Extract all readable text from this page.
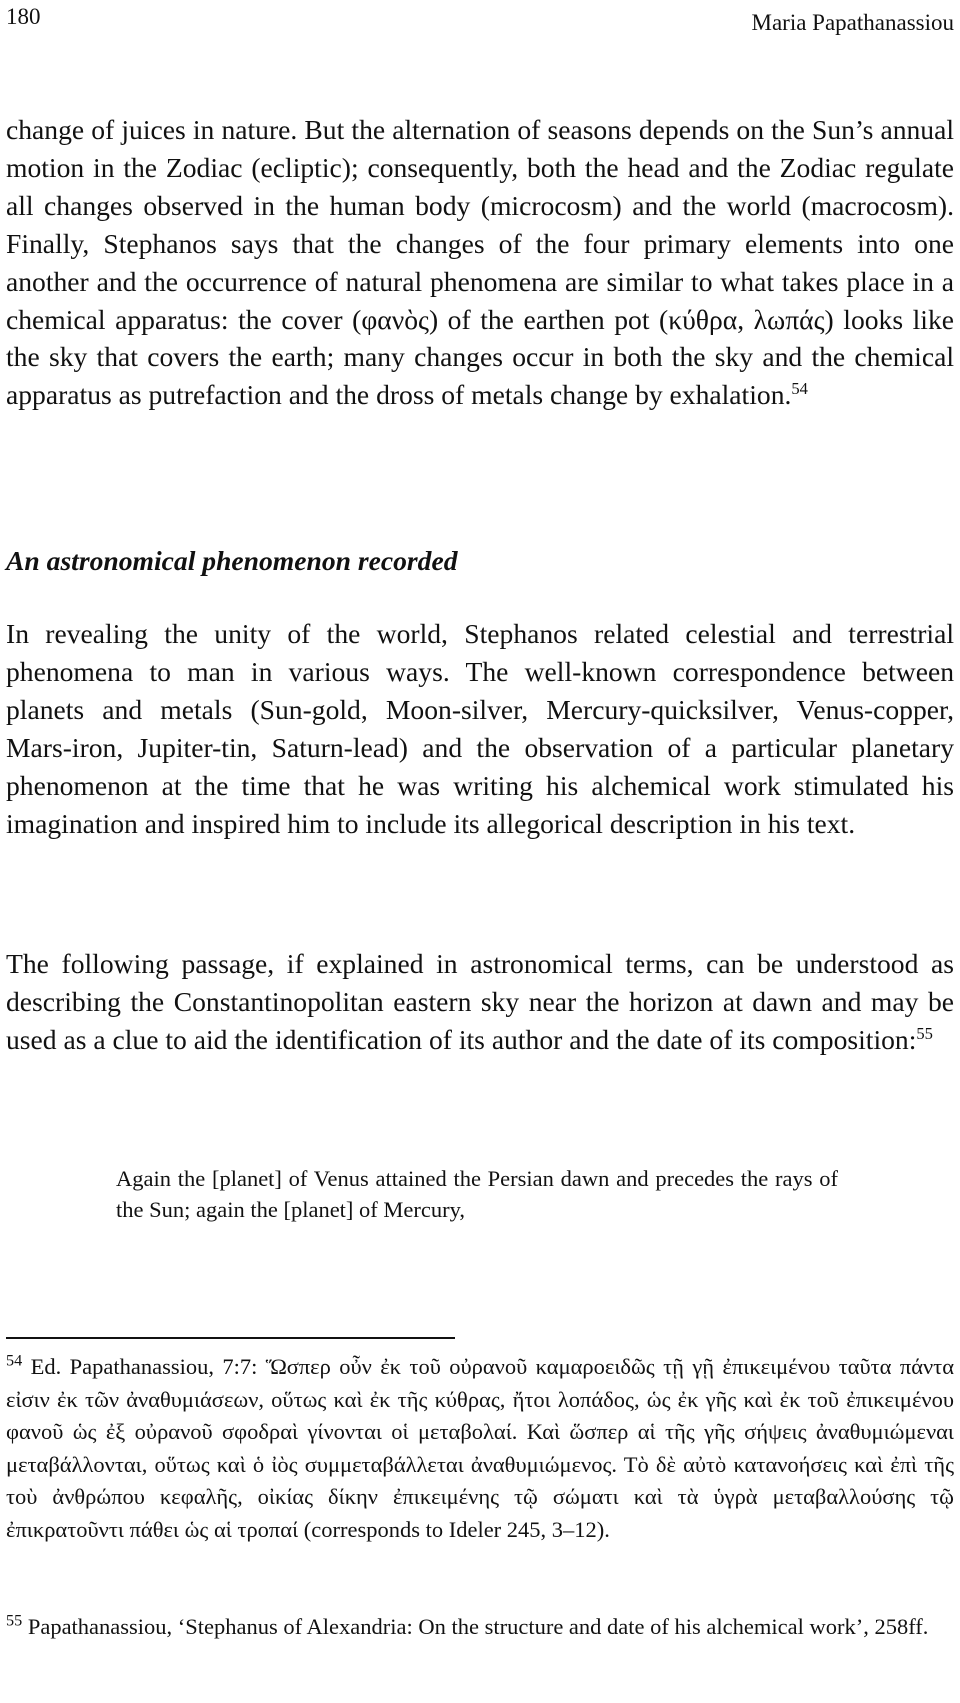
180	Maria Papathanassiou

change of juices in nature. But the alternation of seasons depends on the Sun’s annual motion in the Zodiac (ecliptic); consequently, both the head and the Zodiac regulate all changes observed in the human body (microcosm) and the world (macrocosm). Finally, Stephanos says that the changes of the four primary elements into one another and the occurrence of natural phenomena are similar to what takes place in a chemical apparatus: the cover (φανὸς) of the earthen pot (κύθρα, λωπάς) looks like the sky that covers the earth; many changes occur in both the sky and the chemical apparatus as putrefaction and the dross of metals change by exhalation.$^{54}$

An astronomical phenomenon recorded

In revealing the unity of the world, Stephanos related celestial and terrestrial phenomena to man in various ways. The well-known correspondence between planets and metals (Sun-gold, Moon-silver, Mercury-quicksilver, Venus-copper, Mars-iron, Jupiter-tin, Saturn-lead) and the observation of a particular planetary phenomenon at the time that he was writing his alchemical work stimulated his imagination and inspired him to include its allegorical description in his text.

The following passage, if explained in astronomical terms, can be understood as describing the Constantinopolitan eastern sky near the horizon at dawn and may be used as a clue to aid the identification of its author and the date of its composition:$^{55}$

Again the [planet] of Venus attained the Persian dawn and precedes the rays of the Sun; again the [planet] of Mercury,

$^{54}$ Ed. Papathanassiou, 7:7: Ὥσπερ οὖν ἐκ τοῦ οὐρανοῦ καμαροειδῶς τῇ γῇ ἐπικειμένου ταῦτα πάντα εἰσιν ἐκ τῶν ἀναθυμιάσεων, οὕτως καὶ ἐκ τῆς κύθρας, ἤτοι λοπάδος, ὡς ἐκ γῆς καὶ ἐκ τοῦ ἐπικειμένου φανοῦ ὡς ἐξ οὐρανοῦ σφοδραὶ γίνονται οἱ μεταβολαί. Καὶ ὥσπερ αἱ τῆς γῆς σήψεις ἀναθυμιώμεναι μεταβάλλονται, οὕτως καὶ ὁ ἰὸς συμμεταβάλλεται ἀναθυμιώμενος. Τὸ δὲ αὐτὸ κατανοήσεις καὶ ἐπὶ τῆς τοὺ ἀνθρώπου κεφαλῆς, οἰκίας δίκην ἐπικειμένης τῷ σώματι καὶ τὰ ὑγρὰ μεταβαλλούσης τῷ ἐπικρατοῦντι πάθει ὡς αἱ τροπαί (corresponds to Ideler 245, 3–12).

$^{55}$ Papathanassiou, ‘Stephanus of Alexandria: On the structure and date of his alchemical work’, 258ff.
